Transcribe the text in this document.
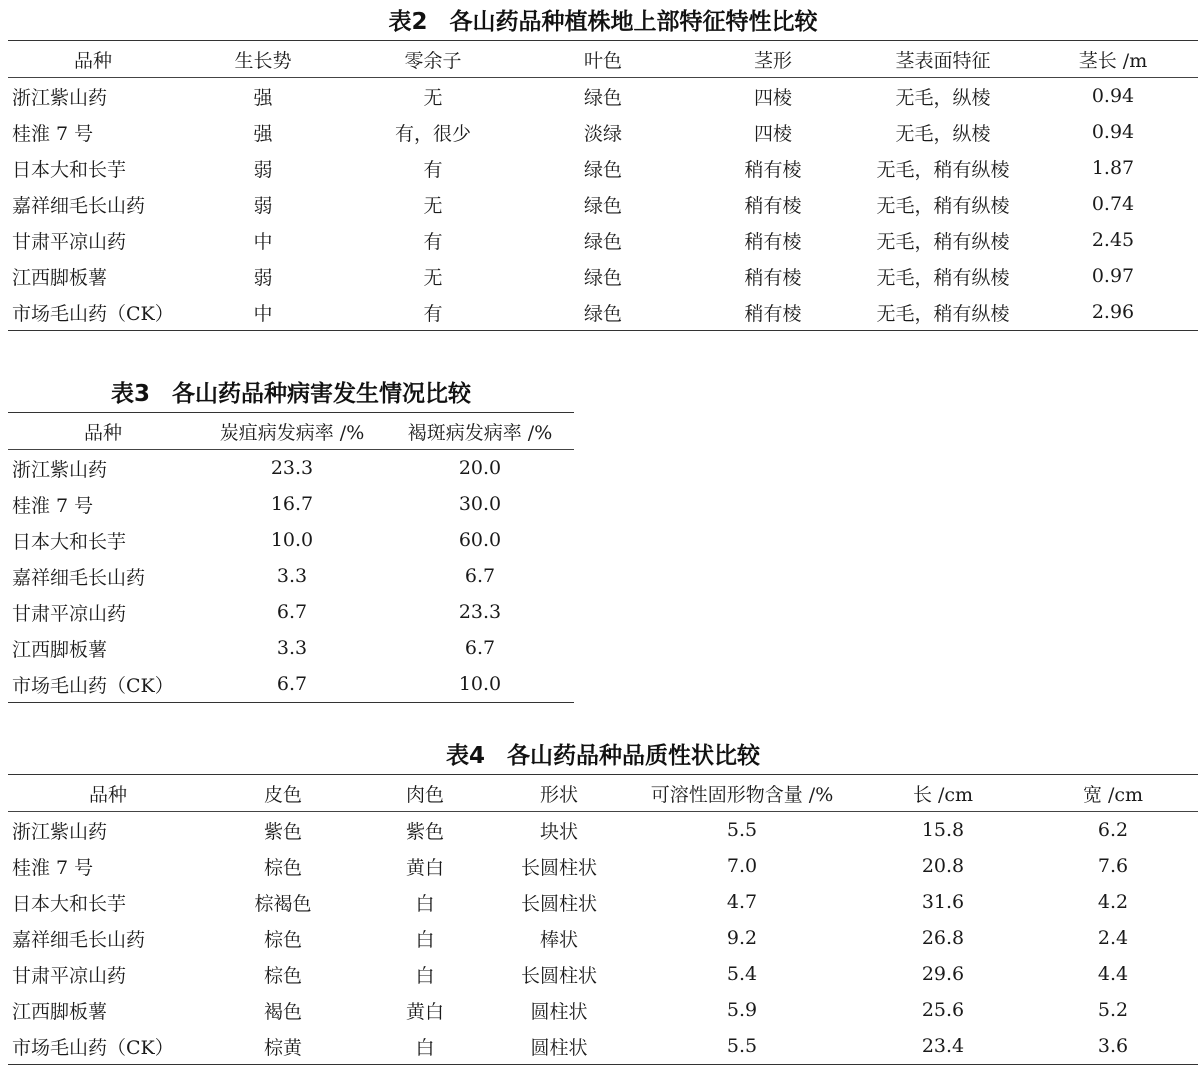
表2 各山药品种植株地上部特征特性比较
品种	生长势	零余子	叶色	茎形	茎表面特征	茎长 /m
浙江紫山药	强	无	绿色	四棱	无毛，纵棱	0.94
桂淮 7 号	强	有，很少	淡绿	四棱	无毛，纵棱	0.94
日本大和长芋	弱	有	绿色	稍有棱	无毛，稍有纵棱	1.87
嘉祥细毛长山药	弱	无	绿色	稍有棱	无毛，稍有纵棱	0.74
甘肃平凉山药	中	有	绿色	稍有棱	无毛，稍有纵棱	2.45
江西脚板薯	弱	无	绿色	稍有棱	无毛，稍有纵棱	0.97
市场毛山药（CK）	中	有	绿色	稍有棱	无毛，稍有纵棱	2.96
表3 各山药品种病害发生情况比较
品种	炭疽病发病率 /%	褐斑病发病率 /%
浙江紫山药	23.3	20.0
桂淮 7 号	16.7	30.0
日本大和长芋	10.0	60.0
嘉祥细毛长山药	3.3	6.7
甘肃平凉山药	6.7	23.3
江西脚板薯	3.3	6.7
市场毛山药（CK）	6.7	10.0
表4 各山药品种品质性状比较
品种	皮色	肉色	形状	可溶性固形物含量 /%	长 /cm	宽 /cm
浙江紫山药	紫色	紫色	块状	5.5	15.8	6.2
桂淮 7 号	棕色	黄白	长圆柱状	7.0	20.8	7.6
日本大和长芋	棕褐色	白	长圆柱状	4.7	31.6	4.2
嘉祥细毛长山药	棕色	白	棒状	9.2	26.8	2.4
甘肃平凉山药	棕色	白	长圆柱状	5.4	29.6	4.4
江西脚板薯	褐色	黄白	圆柱状	5.9	25.6	5.2
市场毛山药（CK）	棕黄	白	圆柱状	5.5	23.4	3.6
